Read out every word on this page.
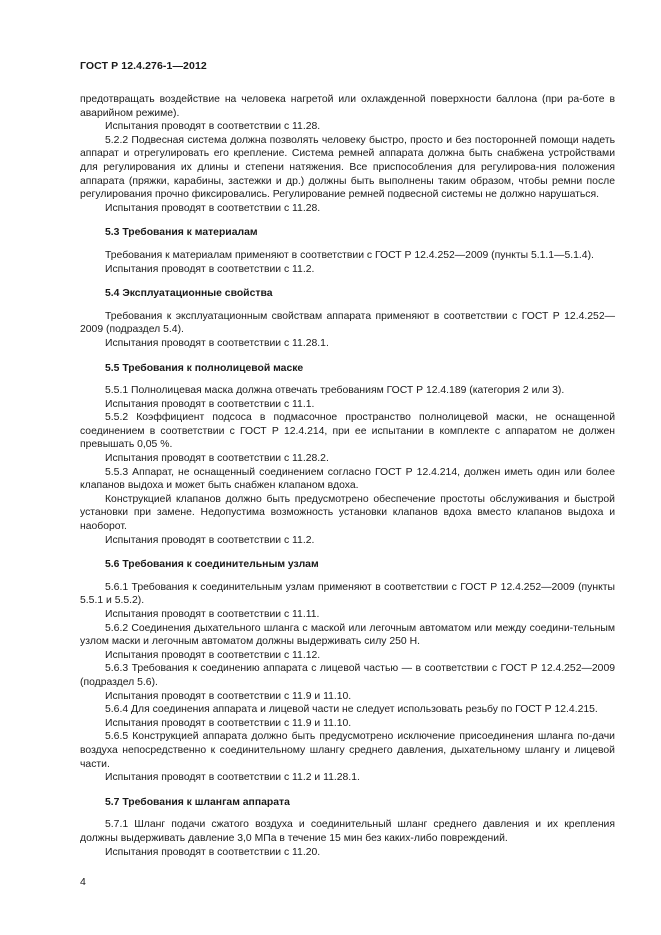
ГОСТ Р 12.4.276-1—2012

предотвращать воздействие на человека нагретой или охлажденной поверхности баллона (при ра-боте в аварийном режиме).

Испытания проводят в соответствии с 11.28.

5.2.2 Подвесная система должна позволять человеку быстро, просто и без посторонней помощи надеть аппарат и отрегулировать его крепление. Система ремней аппарата должна быть снабжена устройствами для регулирования их длины и степени натяжения. Все приспособления для регулирова-ния положения аппарата (пряжки, карабины, застежки и др.) должны быть выполнены таким образом, чтобы ремни после регулирования прочно фиксировались. Регулирование ремней подвесной системы не должно нарушаться.

Испытания проводят в соответствии с 11.28.

5.3 Требования к материалам

Требования к материалам применяют в соответствии с ГОСТ Р 12.4.252—2009 (пункты 5.1.1—5.1.4).

Испытания проводят в соответствии с 11.2.

5.4 Эксплуатационные свойства

Требования к эксплуатационным свойствам аппарата применяют в соответствии с ГОСТ Р 12.4.252—2009 (подраздел 5.4).

Испытания проводят в соответствии с 11.28.1.

5.5 Требования к полнолицевой маске

5.5.1 Полнолицевая маска должна отвечать требованиям ГОСТ Р 12.4.189 (категория 2 или 3).

Испытания проводят в соответствии с 11.1.

5.5.2 Коэффициент подсоса в подмасочное пространство полнолицевой маски, не оснащенной соединением в соответствии с ГОСТ Р 12.4.214, при ее испытании в комплекте с аппаратом не должен превышать 0,05 %.

Испытания проводят в соответствии с 11.28.2.

5.5.3 Аппарат, не оснащенный соединением согласно ГОСТ Р 12.4.214, должен иметь один или более клапанов выдоха и может быть снабжен клапаном вдоха.

Конструкцией клапанов должно быть предусмотрено обеспечение простоты обслуживания и быстрой установки при замене. Недопустима возможность установки клапанов вдоха вместо клапанов выдоха и наоборот.

Испытания проводят в соответствии с 11.2.

5.6 Требования к соединительным узлам

5.6.1 Требования к соединительным узлам применяют в соответствии с ГОСТ Р 12.4.252—2009 (пункты 5.5.1 и 5.5.2).

Испытания проводят в соответствии с 11.11.

5.6.2 Соединения дыхательного шланга с маской или легочным автоматом или между соедини-тельным узлом маски и легочным автоматом должны выдерживать силу 250 Н.

Испытания проводят в соответствии с 11.12.

5.6.3 Требования к соединению аппарата с лицевой частью — в соответствии с ГОСТ Р 12.4.252—2009 (подраздел 5.6).

Испытания проводят в соответствии с 11.9 и 11.10.

5.6.4 Для соединения аппарата и лицевой части не следует использовать резьбу по ГОСТ Р 12.4.215.

Испытания проводят в соответствии с 11.9 и 11.10.

5.6.5 Конструкцией аппарата должно быть предусмотрено исключение присоединения шланга по-дачи воздуха непосредственно к соединительному шлангу среднего давления, дыхательному шлангу и лицевой части.

Испытания проводят в соответствии с 11.2 и 11.28.1.

5.7 Требования к шлангам аппарата

5.7.1 Шланг подачи сжатого воздуха и соединительный шланг среднего давления и их крепления должны выдерживать давление 3,0 МПа в течение 15 мин без каких-либо повреждений.

Испытания проводят в соответствии с 11.20.

4
